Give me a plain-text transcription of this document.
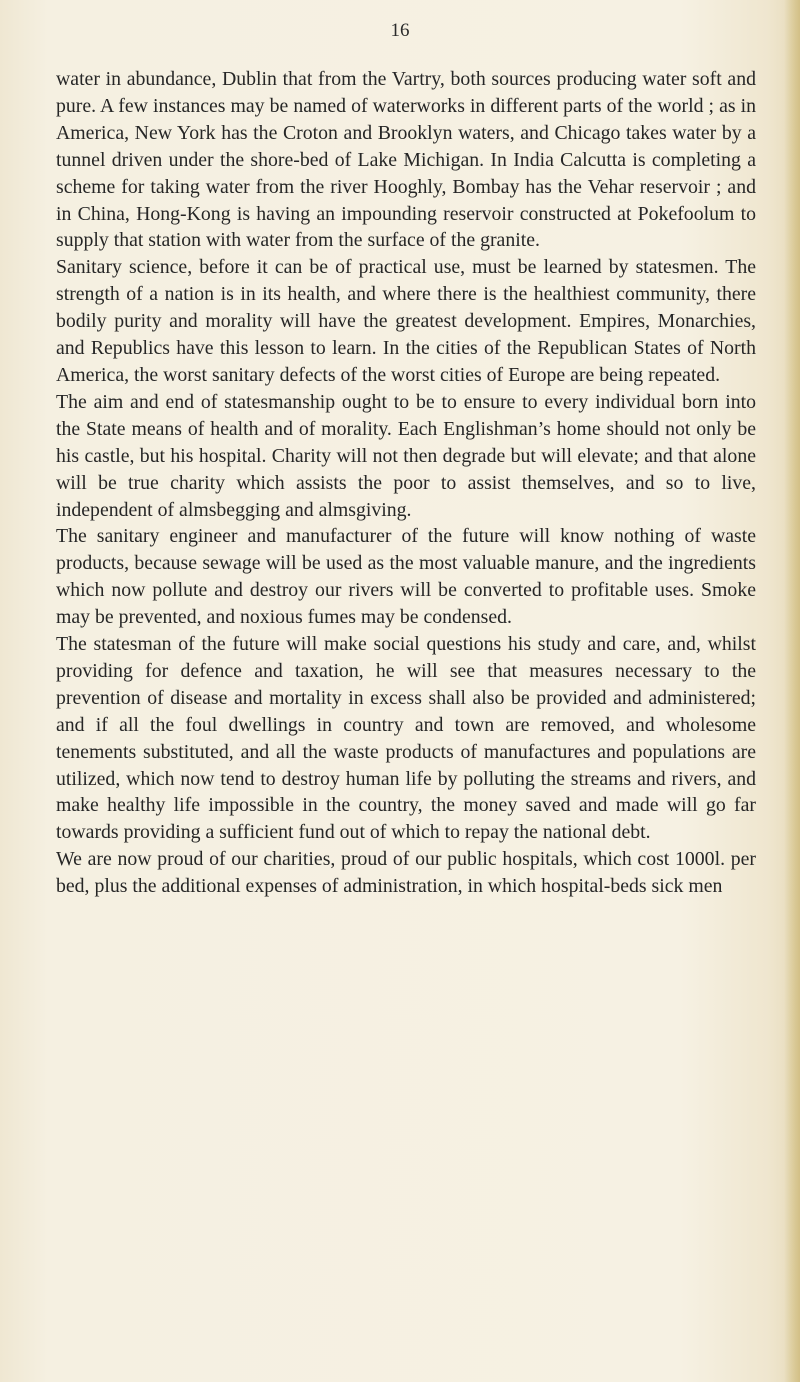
16

water in abundance, Dublin that from the Vartry, both sources producing water soft and pure. A few instances may be named of waterworks in different parts of the world ; as in America, New York has the Croton and Brooklyn waters, and Chicago takes water by a tunnel driven under the shore-bed of Lake Michigan. In India Calcutta is completing a scheme for taking water from the river Hooghly, Bombay has the Vehar reservoir ; and in China, Hong-Kong is having an impounding reservoir constructed at Pokefoolum to supply that station with water from the surface of the granite.

Sanitary science, before it can be of practical use, must be learned by statesmen. The strength of a nation is in its health, and where there is the healthiest community, there bodily purity and morality will have the greatest development. Empires, Monarchies, and Republics have this lesson to learn. In the cities of the Republican States of North America, the worst sanitary defects of the worst cities of Europe are being repeated.

The aim and end of statesmanship ought to be to ensure to every individual born into the State means of health and of morality. Each Englishman’s home should not only be his castle, but his hospital. Charity will not then degrade but will elevate; and that alone will be true charity which assists the poor to assist themselves, and so to live, independent of almsbegging and almsgiving.

The sanitary engineer and manufacturer of the future will know nothing of waste products, because sewage will be used as the most valuable manure, and the ingredients which now pollute and destroy our rivers will be converted to profitable uses. Smoke may be prevented, and noxious fumes may be condensed.

The statesman of the future will make social questions his study and care, and, whilst providing for defence and taxation, he will see that measures necessary to the prevention of disease and mortality in excess shall also be provided and administered; and if all the foul dwellings in country and town are removed, and wholesome tenements substituted, and all the waste products of manufactures and populations are utilized, which now tend to destroy human life by polluting the streams and rivers, and make healthy life impossible in the country, the money saved and made will go far towards providing a sufficient fund out of which to repay the national debt.

We are now proud of our charities, proud of our public hospitals, which cost 1000l. per bed, plus the additional expenses of administration, in which hospital-beds sick men
